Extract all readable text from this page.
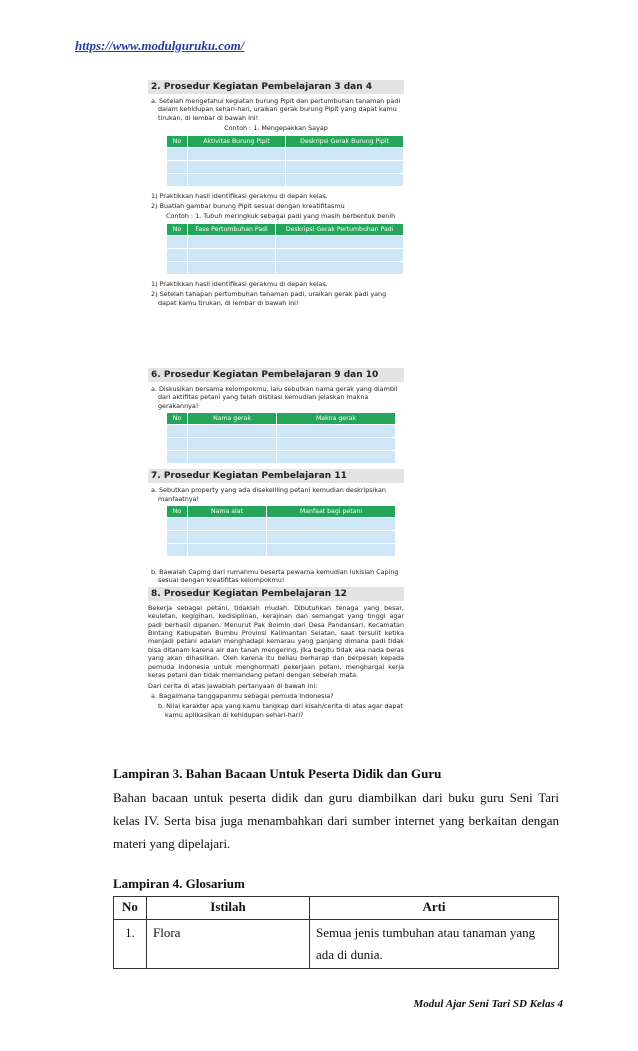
https://www.modulguruku.com/
2. Prosedur Kegiatan Pembelajaran 3 dan 4

a. Setelah mengetahui kegiatan burung Pipit dan pertumbuhan tanaman padi dalam kehidupan sehari-hari, uraikan gerak burung Pipit yang dapat kamu tirukan, di lembar di bawah ini!

Contoh : 1. Mengepakkan Sayap

No	Aktivitas Burung Pipit	Deskripsi Gerak Burung Pipit

1) Praktikkan hasil identifikasi gerakmu di depan kelas.

2) Buatlah gambar burung Pipit sesuai dengan kreatifitasmu

Contoh : 1. Tubuh meringkuk sebagai padi yang masih berbentuk benih

No	Fase Pertumbuhan Padi	Deskripsi Gerak Pertumbuhan Padi

1) Praktikkan hasil identifikasi gerakmu di depan kelas.

2) Setelah tahapan pertumbuhan tanaman padi, uraikan gerak padi yang dapat kamu tirukan, di lembar di bawah ini!

6. Prosedur Kegiatan Pembelajaran 9 dan 10

a. Diskusikan bersama kelompokmu, lalu sebutkan nama gerak yang diambil dari aktifitas petani yang telah distilasi kemudian jelaskan makna gerakannya!

No	Nama gerak	Makna gerak

7. Prosedur Kegiatan Pembelajaran 11

a. Sebutkan property yang ada disekeliling petani kemudian deskripsikan manfaatnya!

No	Nama alat	Manfaat bagi petani

b. Bawalah Caping dari rumahmu beserta pewarna kemudian lukislah Caping sesuai dengan kreatifitas kelompokmu!

8. Prosedur Kegiatan Pembelajaran 12

Bekerja sebagai petani, tidaklah mudah. Dibutuhkan tenaga yang besar, keuletan, kegigihan, kedisiplinan, kerajinan dan semangat yang tinggi agar padi berhasil dipanen. Menurut Pak Boimin dari Desa Pandansari, Kecamatan Bintang Kabupaten Bumbu Provinsi Kalimantan Selatan, saat tersulit ketika menjadi petani adalah menghadapi kemarau yang panjang dimana padi tidak bisa ditanam karena air dan tanah mengering, jika begitu tidak aka nada beras yang akan dihasilkan. Oleh karena itu beliau berharap dan berpesan kepada pemuda Indonesia untuk menghormati pekerjaan petani, menghargai kerja keras petani dan tidak memandang petani dengan sebelah mata.

Dari cerita di atas jawablah pertanyaan di bawah ini:

a. Bagaimana tanggapanmu sebagai pemuda Indonesia?

b. Nilai karakter apa yang kamu tangkap dari kisah/cerita di atas agar dapat kamu aplikasikan di kehidupan sehari-hari?

Lampiran 3. Bahan Bacaan Untuk Peserta Didik dan Guru
Bahan bacaan untuk peserta didik dan guru diambilkan dari buku guru Seni Tari kelas IV. Serta bisa juga menambahkan dari sumber internet yang berkaitan dengan materi yang dipelajari.
Lampiran 4. Glosarium
No	Istilah	Arti
1.	Flora	Semua jenis tumbuhan atau tanaman yang ada di dunia.
Modul Ajar Seni Tari SD Kelas 4
